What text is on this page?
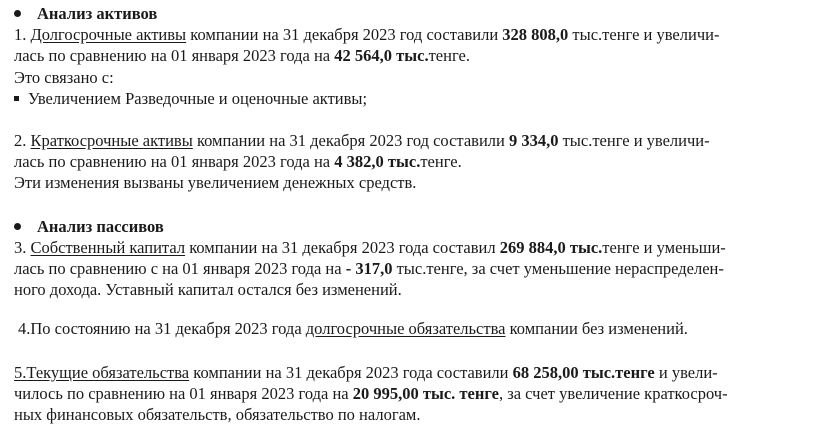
Анализ активов
1. Долгосрочные активы компании на 31 декабря 2023 год составили 328 808,0 тыс.тенге и увеличи-
лась по сравнению на 01 января 2023 года на 42 564,0 тыс.тенге.
Это связано с:
Увеличением Разведочные и оценочные активы;
2. Краткосрочные активы компании на 31 декабря 2023 год составили 9 334,0 тыс.тенге и увеличи-
лась по сравнению на 01 января 2023 года на 4 382,0 тыс.тенге.
Эти изменения вызваны увеличением денежных средств.
Анализ пассивов
3. Собственный капитал компании на 31 декабря 2023 года составил 269 884,0 тыс.тенге и уменьши-
лась по сравнению с на 01 января 2023 года на - 317,0 тыс.тенге, за счет уменьшение нераспределен-
ного дохода. Уставный капитал остался без изменений.
4.По состоянию на 31 декабря 2023 года долгосрочные обязательства компании без изменений.
5.Текущие обязательства компании на 31 декабря 2023 года составили 68 258,00 тыс.тенге и увели-
чилось по сравнению на 01 января 2023 года на 20 995,00 тыс. тенге, за счет увеличение краткосроч-
ных финансовых обязательств, обязательство по налогам.
